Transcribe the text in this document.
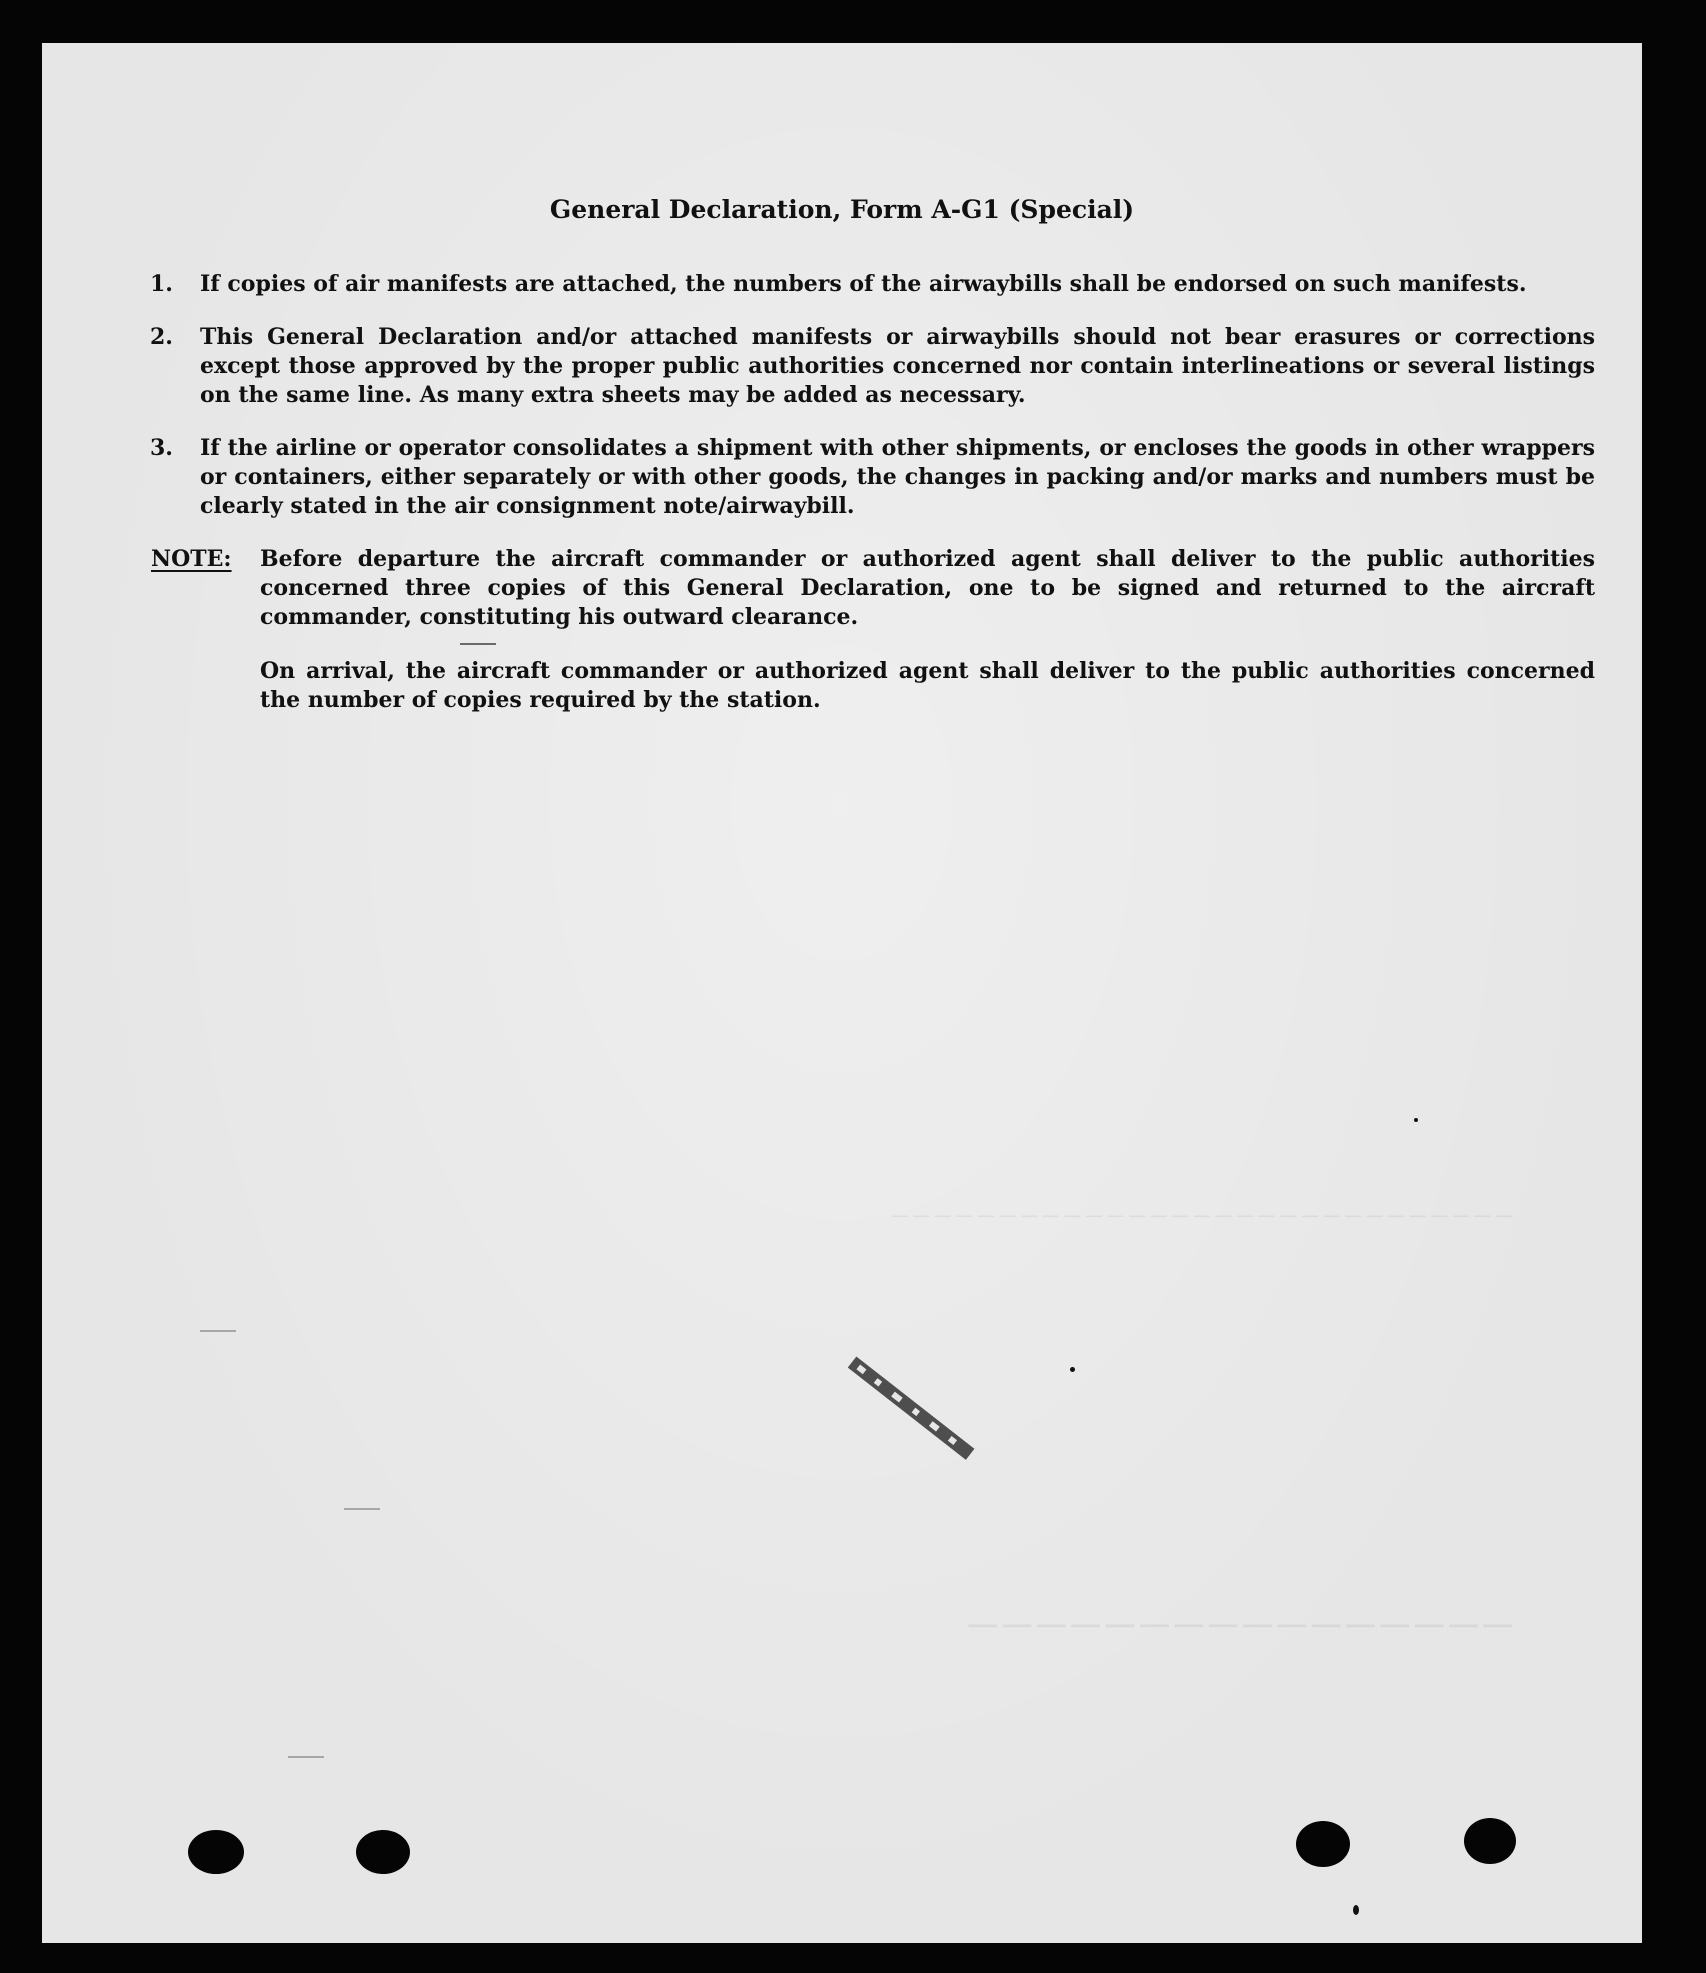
────────────────
─────────────────────────────
General Declaration, Form A-G1 (Special)
1. If copies of air manifests are attached, the numbers of the airwaybills shall be endorsed on such manifests.
2. This General Declaration and/or attached manifests or airwaybills should not bear erasures or corrections except those approved by the proper public authorities concerned nor contain interlineations or several listings on the same line. As many extra sheets may be added as necessary.
3. If the airline or operator consolidates a shipment with other shipments, or encloses the goods in other wrappers or containers, either separately or with other goods, the changes in packing and/or marks and numbers must be clearly stated in the air consignment note/airwaybill.
NOTE: Before departure the aircraft commander or authorized agent shall deliver to the public authorities concerned three copies of this General Declaration, one to be signed and returned to the aircraft commander, constituting his outward clearance.
On arrival, the aircraft commander or authorized agent shall deliver to the public authorities concerned the number of copies required by the station.
